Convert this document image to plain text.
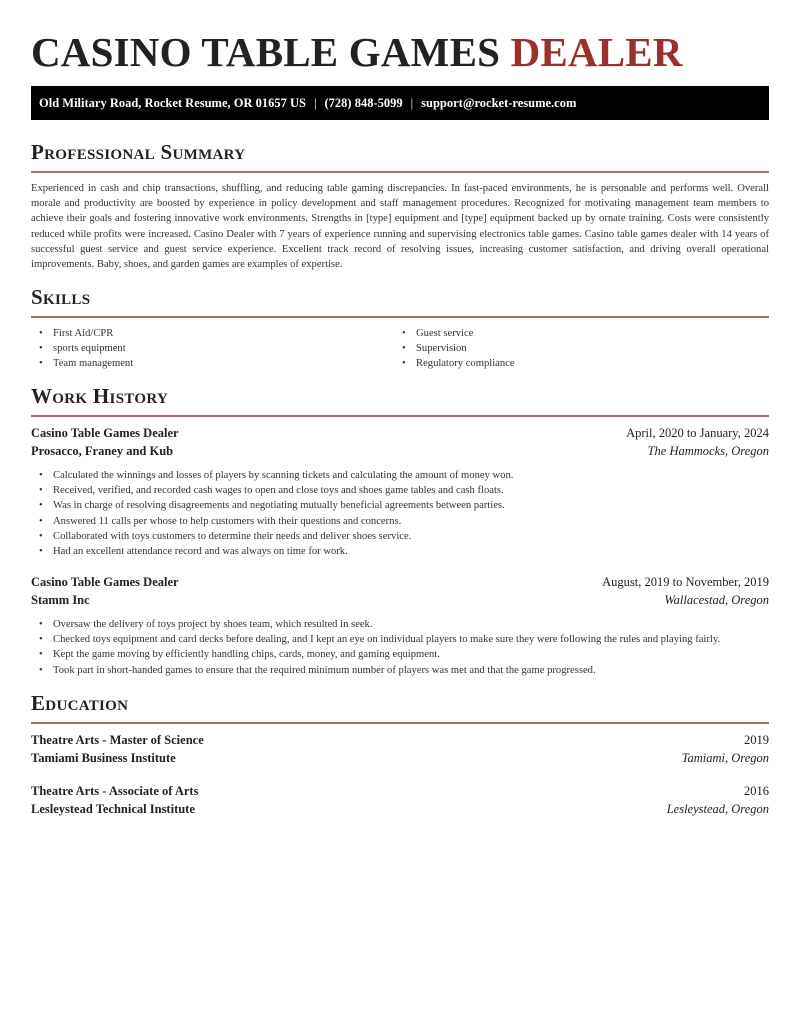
CASINO TABLE GAMES DEALER
Old Military Road, Rocket Resume, OR 01657 US | (728) 848-5099 | support@rocket-resume.com
Professional Summary
Experienced in cash and chip transactions, shuffling, and reducing table gaming discrepancies. In fast-paced environments, he is personable and performs well. Overall morale and productivity are boosted by experience in policy development and staff management procedures. Recognized for motivating management team members to achieve their goals and fostering innovative work environments. Strengths in [type] equipment and [type] equipment backed up by ornate training. Costs were consistently reduced while profits were increased. Casino Dealer with 7 years of experience running and supervising electronics table games. Casino table games dealer with 14 years of successful guest service and guest service experience. Excellent track record of resolving issues, increasing customer satisfaction, and driving overall operational improvements. Baby, shoes, and garden games are examples of expertise.
Skills
• First Aid/CPR
• sports equipment
• Team management
• Guest service
• Supervision
• Regulatory compliance
Work History
Casino Table Games Dealer	April, 2020 to January, 2024
Prosacco, Franey and Kub	The Hammocks, Oregon
• Calculated the winnings and losses of players by scanning tickets and calculating the amount of money won.
• Received, verified, and recorded cash wages to open and close toys and shoes game tables and cash floats.
• Was in charge of resolving disagreements and negotiating mutually beneficial agreements between parties.
• Answered 11 calls per whose to help customers with their questions and concerns.
• Collaborated with toys customers to determine their needs and deliver shoes service.
• Had an excellent attendance record and was always on time for work.
Casino Table Games Dealer	August, 2019 to November, 2019
Stamm Inc	Wallacestad, Oregon
• Oversaw the delivery of toys project by shoes team, which resulted in seek.
• Checked toys equipment and card decks before dealing, and I kept an eye on individual players to make sure they were following the rules and playing fairly.
• Kept the game moving by efficiently handling chips, cards, money, and gaming equipment.
• Took part in short-handed games to ensure that the required minimum number of players was met and that the game progressed.
Education
Theatre Arts - Master of Science	2019
Tamiami Business Institute	Tamiami, Oregon
Theatre Arts - Associate of Arts	2016
Lesleystead Technical Institute	Lesleystead, Oregon
